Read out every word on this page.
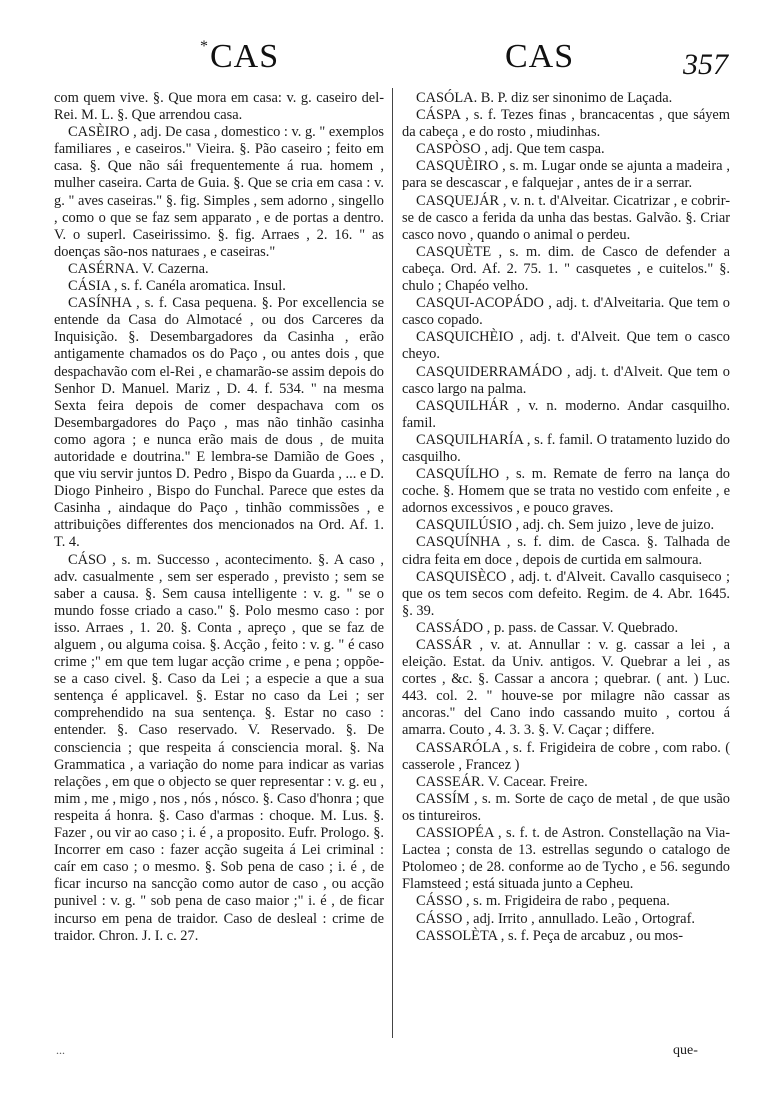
* CAS	CAS	357

com quem vive. §. Que mora em casa: v. g. caseiro del-Rei. M. L. §. Que arrendou casa.

CASÈIRO , adj. De casa , domestico : v. g. " exemplos familiares , e caseiros." Vieira. §. Pão caseiro ; feito em casa. §. Que não sái frequentemente á rua. homem , mulher caseira. Carta de Guia. §. Que se cria em casa : v. g. " aves caseiras." §. fig. Simples , sem adorno , singello , como o que se faz sem apparato , e de portas a dentro. V. o superl. Caseirissimo. §. fig. Arraes , 2. 16. " as doenças são-nos naturaes , e caseiras."

CASÉRNA. V. Cazerna.

CÁSIA , s. f. Canéla aromatica. Insul.

CASÍNHA , s. f. Casa pequena. §. Por excellencia se entende da Casa do Almotacé , ou dos Carceres da Inquisição. §. Desembargadores da Casinha , erão antigamente chamados os do Paço , ou antes dois , que despachavão com el-Rei , e chamarão-se assim depois do Senhor D. Manuel. Mariz , D. 4. f. 534. " na mesma Sexta feira depois de comer despachava com os Desembargadores do Paço , mas não tinhão casinha como agora ; e nunca erão mais de dous , de muita autoridade e doutrina." E lembra-se Damião de Goes , que viu servir juntos D. Pedro , Bispo da Guarda , ... e D. Diogo Pinheiro , Bispo do Funchal. Parece que estes da Casinha , aindaque do Paço , tinhão commissões , e attribuições differentes dos mencionados na Ord. Af. 1. T. 4.

CÁSO , s. m. Successo , acontecimento. §. A caso , adv. casualmente , sem ser esperado , previsto ; sem se saber a causa. §. Sem causa intelligente : v. g. " se o mundo fosse criado a caso." §. Polo mesmo caso : por isso. Arraes , 1. 20. §. Conta , apreço , que se faz de alguem , ou alguma coisa. §. Acção , feito : v. g. " é caso crime ;" em que tem lugar acção crime , e pena ; oppõe-se a caso civel. §. Caso da Lei ; a especie a que a sua sentença é applicavel. §. Estar no caso da Lei ; ser comprehendido na sua sentença. §. Estar no caso : entender. §. Caso reservado. V. Reservado. §. De consciencia ; que respeita á consciencia moral. §. Na Grammatica , a variação do nome para indicar as varias relações , em que o objecto se quer representar : v. g. eu , mim , me , migo , nos , nós , nósco. §. Caso d'honra ; que respeita á honra. §. Caso d'armas : choque. M. Lus. §. Fazer , ou vir ao caso ; i. é , a proposito. Eufr. Prologo. §. Incorrer em caso : fazer acção sugeita á Lei criminal : caír em caso ; o mesmo. §. Sob pena de caso ; i. é , de ficar incurso na sancção como autor de caso , ou acção punivel : v. g. " sob pena de caso maior ;" i. é , de ficar incurso em pena de traidor. Caso de desleal : crime de traidor. Chron. J. I. c. 27.

CASÓLA. B. P. diz ser sinonimo de Laçada.

CÁSPA , s. f. Tezes finas , brancacentas , que sáyem da cabeça , e do rosto , miudinhas.

CASPÒSO , adj. Que tem caspa.

CASQUÈIRO , s. m. Lugar onde se ajunta a madeira , para se descascar , e falquejar , antes de ir a serrar.

CASQUEJÁR , v. n. t. d'Alveitar. Cicatrizar , e cobrir-se de casco a ferida da unha das bestas. Galvão. §. Criar casco novo , quando o animal o perdeu.

CASQUÈTE , s. m. dim. de Casco de defender a cabeça. Ord. Af. 2. 75. 1. " casquetes , e cuitelos." §. chulo ; Chapéo velho.

CASQUI-ACOPÁDO , adj. t. d'Alveitaria. Que tem o casco copado.

CASQUICHÈIO , adj. t. d'Alveit. Que tem o casco cheyo.

CASQUIDERRAMÁDO , adj. t. d'Alveit. Que tem o casco largo na palma.

CASQUILHÁR , v. n. moderno. Andar casquilho. famil.

CASQUILHARÍA , s. f. famil. O tratamento luzido do casquilho.

CASQUÍLHO , s. m. Remate de ferro na lança do coche. §. Homem que se trata no vestido com enfeite , e adornos excessivos , e pouco graves.

CASQUILÚSIO , adj. ch. Sem juizo , leve de juizo.

CASQUÍNHA , s. f. dim. de Casca. §. Talhada de cidra feita em doce , depois de curtida em salmoura.

CASQUISÈCO , adj. t. d'Alveit. Cavallo casquiseco ; que os tem secos com defeito. Regim. de 4. Abr. 1645. §. 39.

CASSÁDO , p. pass. de Cassar. V. Quebrado.

CASSÁR , v. at. Annullar : v. g. cassar a lei , a eleição. Estat. da Univ. antigos. V. Quebrar a lei , as cortes , &c. §. Cassar a ancora ; quebrar. ( ant. ) Luc. 443. col. 2. " houve-se por milagre não cassar as ancoras." del Cano indo cassando muito , cortou á amarra. Couto , 4. 3. 3. §. V. Caçar ; differe.

CASSARÓLA , s. f. Frigideira de cobre , com rabo. ( casserole , Francez )

CASSEÁR. V. Cacear. Freire.

CASSÍM , s. m. Sorte de caço de metal , de que usão os tintureiros.

CASSIOPÉA , s. f. t. de Astron. Constellação na Via-Lactea ; consta de 13. estrellas segundo o catalogo de Ptolomeo ; de 28. conforme ao de Tycho , e 56. segundo Flamsteed ; está situada junto a Cepheu.

CÁSSO , s. m. Frigideira de rabo , pequena.

CÁSSO , adj. Irrito , annullado. Leão , Ortograf.

CASSOLÈTA , s. f. Peça de arcabuz , ou mos-

...	que-
